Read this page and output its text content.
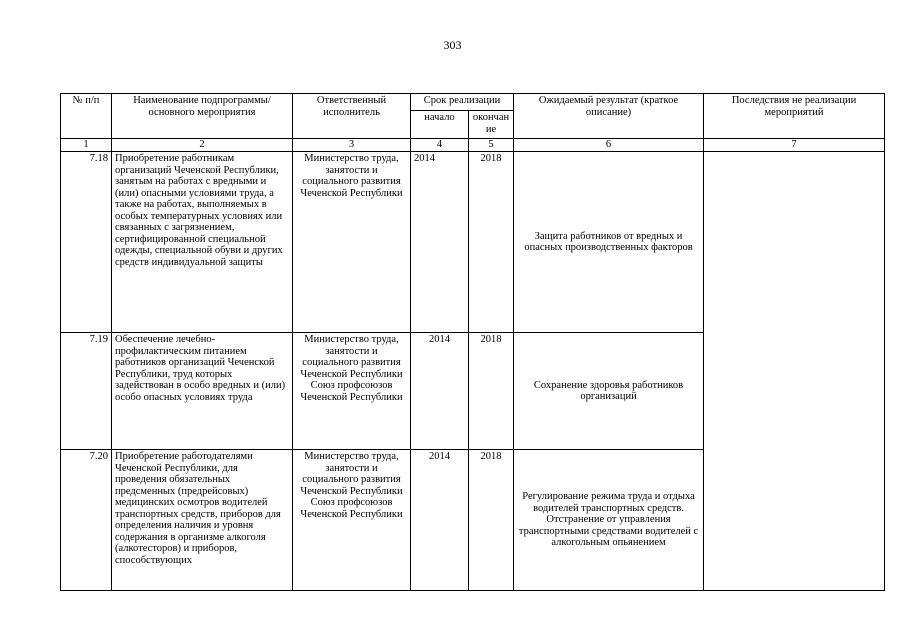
303
№ п/п	Наименование подпрограммы/ основного мероприятия	Ответственный исполнитель	Срок реализации		Ожидаемый результат (краткое описание)	Последствия не реализации мероприятий
			начало	окончан ие		
1	2	3	4	5	6	7
7.18	Приобретение работникам организаций Чеченской Республики, занятым на работах с вредными и (или) опасными условиями труда, а также на работах, выполняемых в особых температурных условиях или связанных с загрязнением, сертифицированной специальной одежды, специальной обуви и других средств индивидуальной защиты	Министерство труда, занятости и социального развития Чеченской Республики	2014	2018	Защита работников от вредных и опасных производственных факторов	
7.19	Обеспечение лечебно-профилактическим питанием работников организаций Чеченской Республики, труд которых задействован в особо вредных и (или) особо опасных условиях труда	Министерство труда, занятости и социального развития Чеченской Республики Союз профсоюзов Чеченской Республики	2014	2018	Сохранение здоровья работников организаций	
7.20	Приобретение работодателями Чеченской Республики, для проведения обязательных предсменных (предрейсовых) медицинских осмотров водителей транспортных средств, приборов для определения наличия и уровня содержания в организме алкоголя (алкотесторов) и приборов, способствующих	Министерство труда, занятости и социального развития Чеченской Республики Союз профсоюзов Чеченской Республики	2014	2018	Регулирование режима труда и отдыха водителей транспортных средств. Отстранение от управления транспортными средствами водителей с алкогольным опьянением	
